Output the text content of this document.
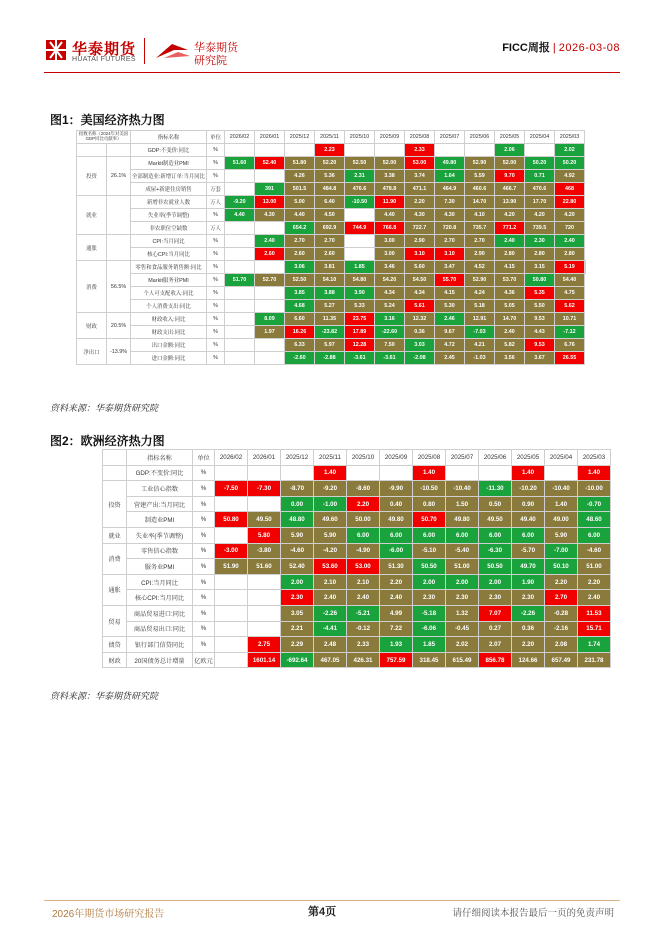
华泰期货
HUATAI FUTURES
华泰期货
研究院
FICC周报 | 2026-03-08
图1：美国经济热力图
指数名称（2024年对美国GDP同比贡献率）		指标名称	单位	2026/02	2026/01	2025/12	2025/11	2025/10	2025/09	2025/08	2025/07	2025/06	2025/05	2025/04	2025/03	
		GDP:不变价:同比	%				2.23			2.33			2.06		2.02	
投资	26.1%	Markit制造业PMI	%	51.60	52.40	51.80	52.20	52.50	52.00	53.00	49.80	52.90	52.00	50.20	50.20	
		全部制造业:新增订单:当月同比	%			4.26	5.36	2.31	3.38	3.74	1.64	5.59	9.70	0.71	4.92	
		成屋+新建住房销售	万套		391	501.5	484.8	476.6	478.8	471.1	464.9	460.6	466.7	470.6	468	
就业		新增非农就业人数	万人	-9.20	13.00	5.00	6.40	-10.50	11.90	2.20	7.30	14.70	13.90	17.70	22.80	
		失业率(季节调整)	%	4.40	4.30	4.40	4.50		4.40	4.30	4.30	4.10	4.20	4.20	4.20	
		非农职位空缺数	万人			654.2	692.9	744.9	766.8	722.7	720.8	735.7	771.2	739.5	720	
通胀		CPI:当月同比	%		2.40	2.70	2.70		3.00	2.90	2.70	2.70	2.40	2.30	2.40	
		核心CPI:当月同比	%		2.60	2.60	2.60		3.00	3.10	3.10	2.90	2.80	2.80	2.80	
消费	56.5%	零售和食品服务销售额:同比	%			3.06	3.81	1.85	3.46	5.60	3.47	4.52	4.15	3.15	5.19	
		Markit服务业PMI	%	51.70	52.70	52.50	54.10	54.80	54.20	54.50	55.70	52.90	53.70	50.80	54.40	
		个人可支配收入:同比	%			3.85	3.88	3.90	4.34	4.34	4.15	4.24	4.36	5.35	4.75	
		个人消费支出:同比	%			4.68	5.27	5.33	5.24	5.61	5.30	5.18	5.05	5.50	5.62	
财政	20.5%	财政收入:同比	%		8.09	6.60	11.35	23.75	3.16	12.32	2.46	12.91	14.70	9.53	10.71	
		财政支出:同比	%		1.97	16.26	-23.82	17.89	-22.60	0.36	9.67	-7.03	2.40	4.43	-7.12	
净出口	-13.9%	出口金额:同比	%			6.33	5.97	12.28	7.50	3.03	4.72	4.21	5.82	9.53	6.76	
		进口金额:同比	%			-2.60	-2.88	-3.61	-3.61	-2.08	2.45	-1.03	3.56	3.67	26.55	
资料来源：华泰期货研究院
图2：欧洲经济热力图
	指标名称	单位	2026/02	2026/01	2025/12	2025/11	2025/10	2025/09	2025/08	2025/07	2025/06	2025/05	2025/04	2025/03
	GDP:不变价:同比	%				1.40			1.40			1.40		1.40
投资	工业信心指数	%	-7.50	-7.30	-8.70	-9.20	-8.60	-9.90	-10.50	-10.40	-11.30	-10.20	-10.40	-10.00
	营建产出:当月同比	%			0.00	-1.00	2.20	0.40	0.80	1.50	0.50	0.90	1.40	-0.70
	制造业PMI	%	50.80	49.50	48.80	49.60	50.00	49.80	50.70	49.80	49.50	49.40	49.00	48.60
就业	失业率(季节调整)	%		5.80	5.90	5.90	6.00	6.00	6.00	6.00	6.00	6.00	5.90	6.00
消费	零售信心指数	%	-3.00	-3.80	-4.60	-4.20	-4.90	-6.00	-5.10	-5.40	-6.30	-5.70	-7.00	-4.60
	服务业PMI	%	51.90	51.60	52.40	53.60	53.00	51.30	50.50	51.00	50.50	49.70	50.10	51.00
通胀	CPI:当月同比	%			2.00	2.10	2.10	2.20	2.00	2.00	2.00	1.90	2.20	2.20
	核心CPI:当月同比	%			2.30	2.40	2.40	2.40	2.30	2.30	2.30	2.30	2.70	2.40
贸易	商品贸易进口:同比	%			3.05	-2.26	-5.21	4.99	-5.18	1.32	7.07	-2.26	-0.28	11.53
	商品贸易出口:同比	%			2.21	-4.41	-0.12	7.22	-6.06	-0.45	0.27	0.36	-2.16	15.71
债贷	银行部门信贷同比	%		2.75	2.29	2.48	2.33	1.93	1.85	2.02	2.07	2.20	2.08	1.74
财政	20国债务总计增量	亿欧元		1601.14	-692.64	467.05	426.31	757.59	318.45	615.49	856.78	124.66	657.49	231.78
资料来源：华泰期货研究院
2026年期货市场研究报告	第4页	请仔细阅读本报告最后一页的免责声明
